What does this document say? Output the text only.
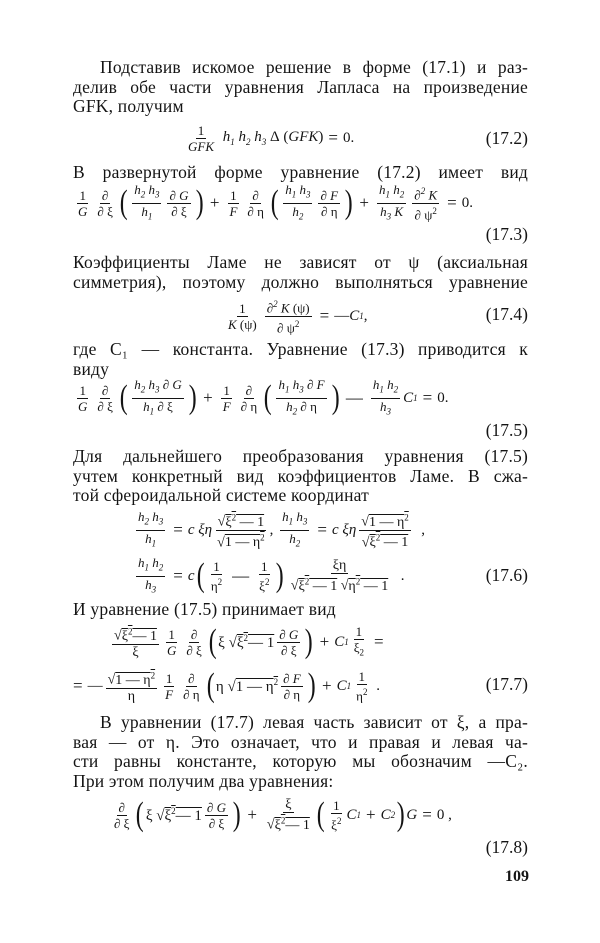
Подставив искомое решение в форме (17.1) и раз-
делив обе части уравнения Лапласа на произведение
GFK, получим
$\frac{1}{\text{GFK}} h_1$ $h_2$ $h_3$ Δ (GFK) = 0.	(17.2)
В развернутой форме уравнение (17.2) имеет вид
$\frac{1}{G} \frac{\partial}{\partial \xi}$ ( $\frac{h_2 h_3}{h_1} \frac{\partial G}{\partial \xi}$ ) + $\frac{1}{F} \frac{\partial}{\partial \eta}$ ( $\frac{h_1 h_3}{h_2} \frac{\partial F}{\partial \eta}$ ) + $\frac{h_1 h_2}{h_3 K} \frac{\partial^2 K}{\partial \psi^2} = 0$.
(17.3)
Коэффициенты Ламе не зависят от ψ (аксиальная
симметрия), поэтому должно выполняться уравнение
$\frac{1}{K (\psi)} \frac{\partial^2 K (\psi)}{\partial \psi^2}$ = — C 1 ,	(17.4)
где C₁ — константа. Уравнение (17.3) приводится к
виду
$\frac{1}{G} \frac{\partial}{\partial \xi}$ ( $\frac{h_2 h_3 \partial G}{h_1 \partial \xi}$ ) + $\frac{1}{F} \frac{\partial}{\partial \eta}$ ( $\frac{h_1 h_3 \partial F}{h_2 \partial \eta}$ ) — $\frac{h_1 h_2}{h_3}$ C 1 = 0.
(17.5)
Для дальнейшего преобразования уравнения (17.5)
учтем конкретный вид коэффициентов Ламе. В сжа-
той сфероидальной системе координат
$\frac{h_2 h_3}{h_1} = c$ ξη $\frac{√\xi^2 — 1}{√1 — \eta^2}$ , $\frac{h_1 h_3}{h_2} = c$ ξη $\frac{√1 — \eta^2}{√\xi^2 — 1}$ ,
$\frac{h_1 h_2}{h_3} = c$ ( $\frac{1}{\eta^2}$ — $\frac{1}{\xi^2}$ ) $\frac{\xi\eta}{√\xi^2 — 1 √\eta^2 — 1}$ .	(17.6)
И уравнение (17.5) принимает вид
$\frac{√\xi^2— 1}{\xi} \frac{1}{G} \frac{\partial}{\partial \xi}$ ( ξ $√\xi^2—$ $1 \frac{\partial G}{\partial \xi}$ ) + C $1 \frac{1}{\xi_2}$ =
= — $\frac{√1 — \eta^2}{\eta} \frac{1}{F} \frac{\partial}{\partial \eta}$ ( η √1 — $\eta^2 \frac{\partial F}{\partial \eta}$ ) + C $1 \frac{1}{\eta^2}$ .	(17.7)
В уравнении (17.7) левая часть зависит от ξ, а пра-
вая — от η. Это означает, что и правая и левая ча-
сти равны константе, которую мы обозначим —C₂.
При этом получим два уравнения:
$\frac{\partial}{\partial \xi}$ ( ξ $√\xi^2—$ $1 \frac{\partial G}{\partial \xi}$ ) + $\frac{\xi}{√\xi^2— 1}$ ( $\frac{1}{\xi^2}$ C 1 + C 2 ) G = 0 ,
(17.8)
109
